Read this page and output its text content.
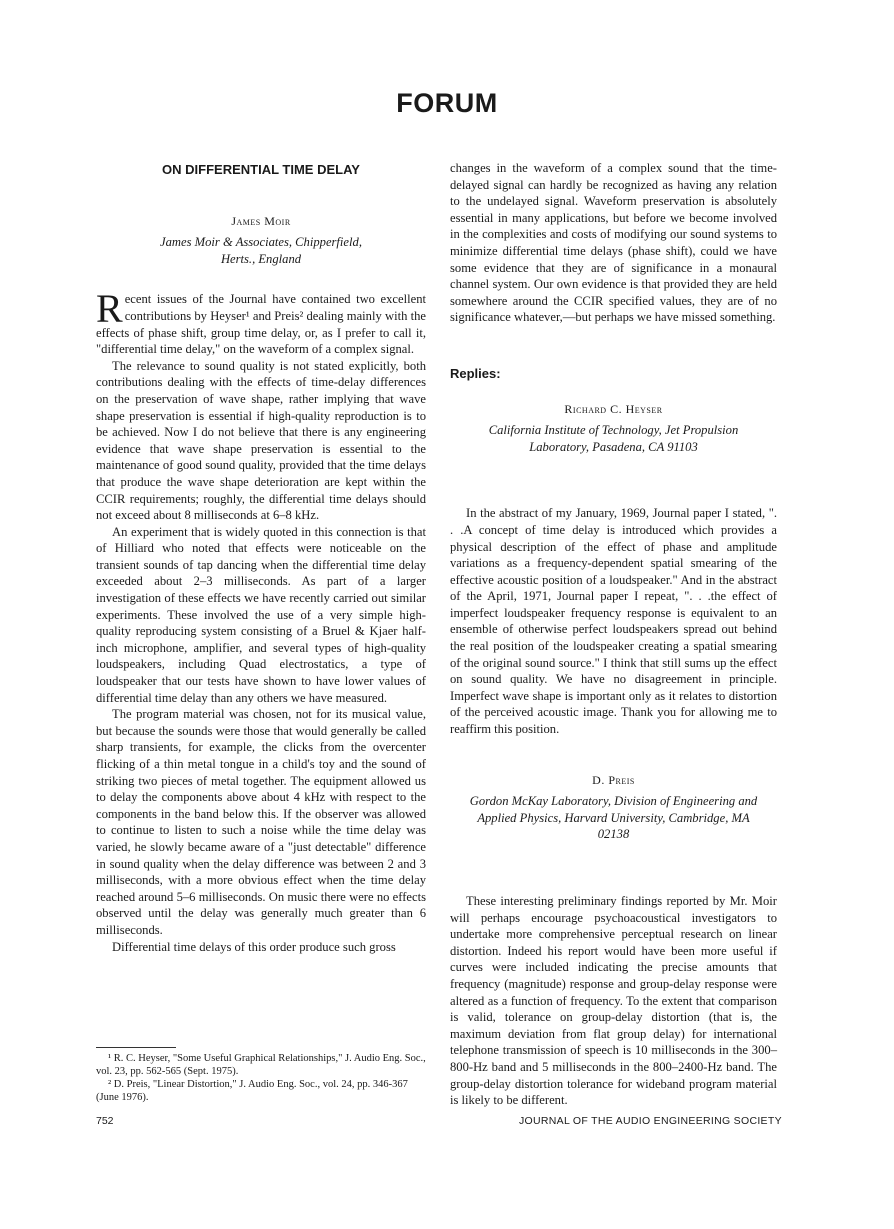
FORUM
ON DIFFERENTIAL TIME DELAY
James Moir

James Moir & Associates, Chipperfield,

Herts., England

Recent issues of the Journal have contained two excellent contributions by Heyser¹ and Preis² dealing mainly with the effects of phase shift, group time delay, or, as I prefer to call it, "differential time delay," on the waveform of a complex signal.

The relevance to sound quality is not stated explicitly, both contributions dealing with the effects of time-delay differences on the preservation of wave shape, rather implying that wave shape preservation is essential if high-quality reproduction is to be achieved. Now I do not believe that there is any engineering evidence that wave shape preservation is essential to the maintenance of good sound quality, provided that the time delays that produce the wave shape deterioration are kept within the CCIR requirements; roughly, the differential time delays should not exceed about 8 milliseconds at 6–8 kHz.

An experiment that is widely quoted in this connection is that of Hilliard who noted that effects were noticeable on the transient sounds of tap dancing when the differential time delay exceeded about 2–3 milliseconds. As part of a larger investigation of these effects we have recently carried out similar experiments. These involved the use of a very simple high-quality reproducing system consisting of a Bruel & Kjaer half-inch microphone, amplifier, and several types of high-quality loudspeakers, including Quad electrostatics, a type of loudspeaker that our tests have shown to have lower values of differential time delay than any others we have measured.

The program material was chosen, not for its musical value, but because the sounds were those that would generally be called sharp transients, for example, the clicks from the overcenter flicking of a thin metal tongue in a child's toy and the sound of striking two pieces of metal together. The equipment allowed us to delay the components above about 4 kHz with respect to the components in the band below this. If the observer was allowed to continue to listen to such a noise while the time delay was varied, he slowly became aware of a "just detectable" difference in sound quality when the delay difference was between 2 and 3 milliseconds, with a more obvious effect when the time delay reached around 5–6 milliseconds. On music there were no effects observed until the delay was generally much greater than 6 milliseconds.

Differential time delays of this order produce such gross

changes in the waveform of a complex sound that the time-delayed signal can hardly be recognized as having any relation to the undelayed signal. Waveform preservation is absolutely essential in many applications, but before we become involved in the complexities and costs of modifying our sound systems to minimize differential time delays (phase shift), could we have some evidence that they are of significance in a monaural channel system. Our own evidence is that provided they are held somewhere around the CCIR specified values, they are of no significance whatever,—but perhaps we have missed something.

Replies:
Richard C. Heyser

California Institute of Technology, Jet Propulsion

Laboratory, Pasadena, CA 91103

In the abstract of my January, 1969, Journal paper I stated, ". . .A concept of time delay is introduced which provides a physical description of the effect of phase and amplitude variations as a frequency-dependent spatial smearing of the effective acoustic position of a loudspeaker." And in the abstract of the April, 1971, Journal paper I repeat, ". . .the effect of imperfect loudspeaker frequency response is equivalent to an ensemble of otherwise perfect loudspeakers spread out behind the real position of the loudspeaker creating a spatial smearing of the original sound source." I think that still sums up the effect on sound quality. We have no disagreement in principle. Imperfect wave shape is important only as it relates to distortion of the perceived acoustic image. Thank you for allowing me to reaffirm this position.

D. Preis

Gordon McKay Laboratory, Division of Engineering and

Applied Physics, Harvard University, Cambridge, MA

02138

These interesting preliminary findings reported by Mr. Moir will perhaps encourage psychoacoustical investigators to undertake more comprehensive perceptual research on linear distortion. Indeed his report would have been more useful if curves were included indicating the precise amounts that frequency (magnitude) response and group-delay response were altered as a function of frequency. To the extent that comparison is valid, tolerance on group-delay distortion (that is, the maximum deviation from flat group delay) for international telephone transmission of speech is 10 milliseconds in the 300–800-Hz band and 5 milliseconds in the 800–2400-Hz band. The group-delay distortion tolerance for wideband program material is likely to be different.

¹ R. C. Heyser, "Some Useful Graphical Relationships," J. Audio Eng. Soc., vol. 23, pp. 562-565 (Sept. 1975).

² D. Preis, "Linear Distortion," J. Audio Eng. Soc., vol. 24, pp. 346-367 (June 1976).

752	JOURNAL OF THE AUDIO ENGINEERING SOCIETY
